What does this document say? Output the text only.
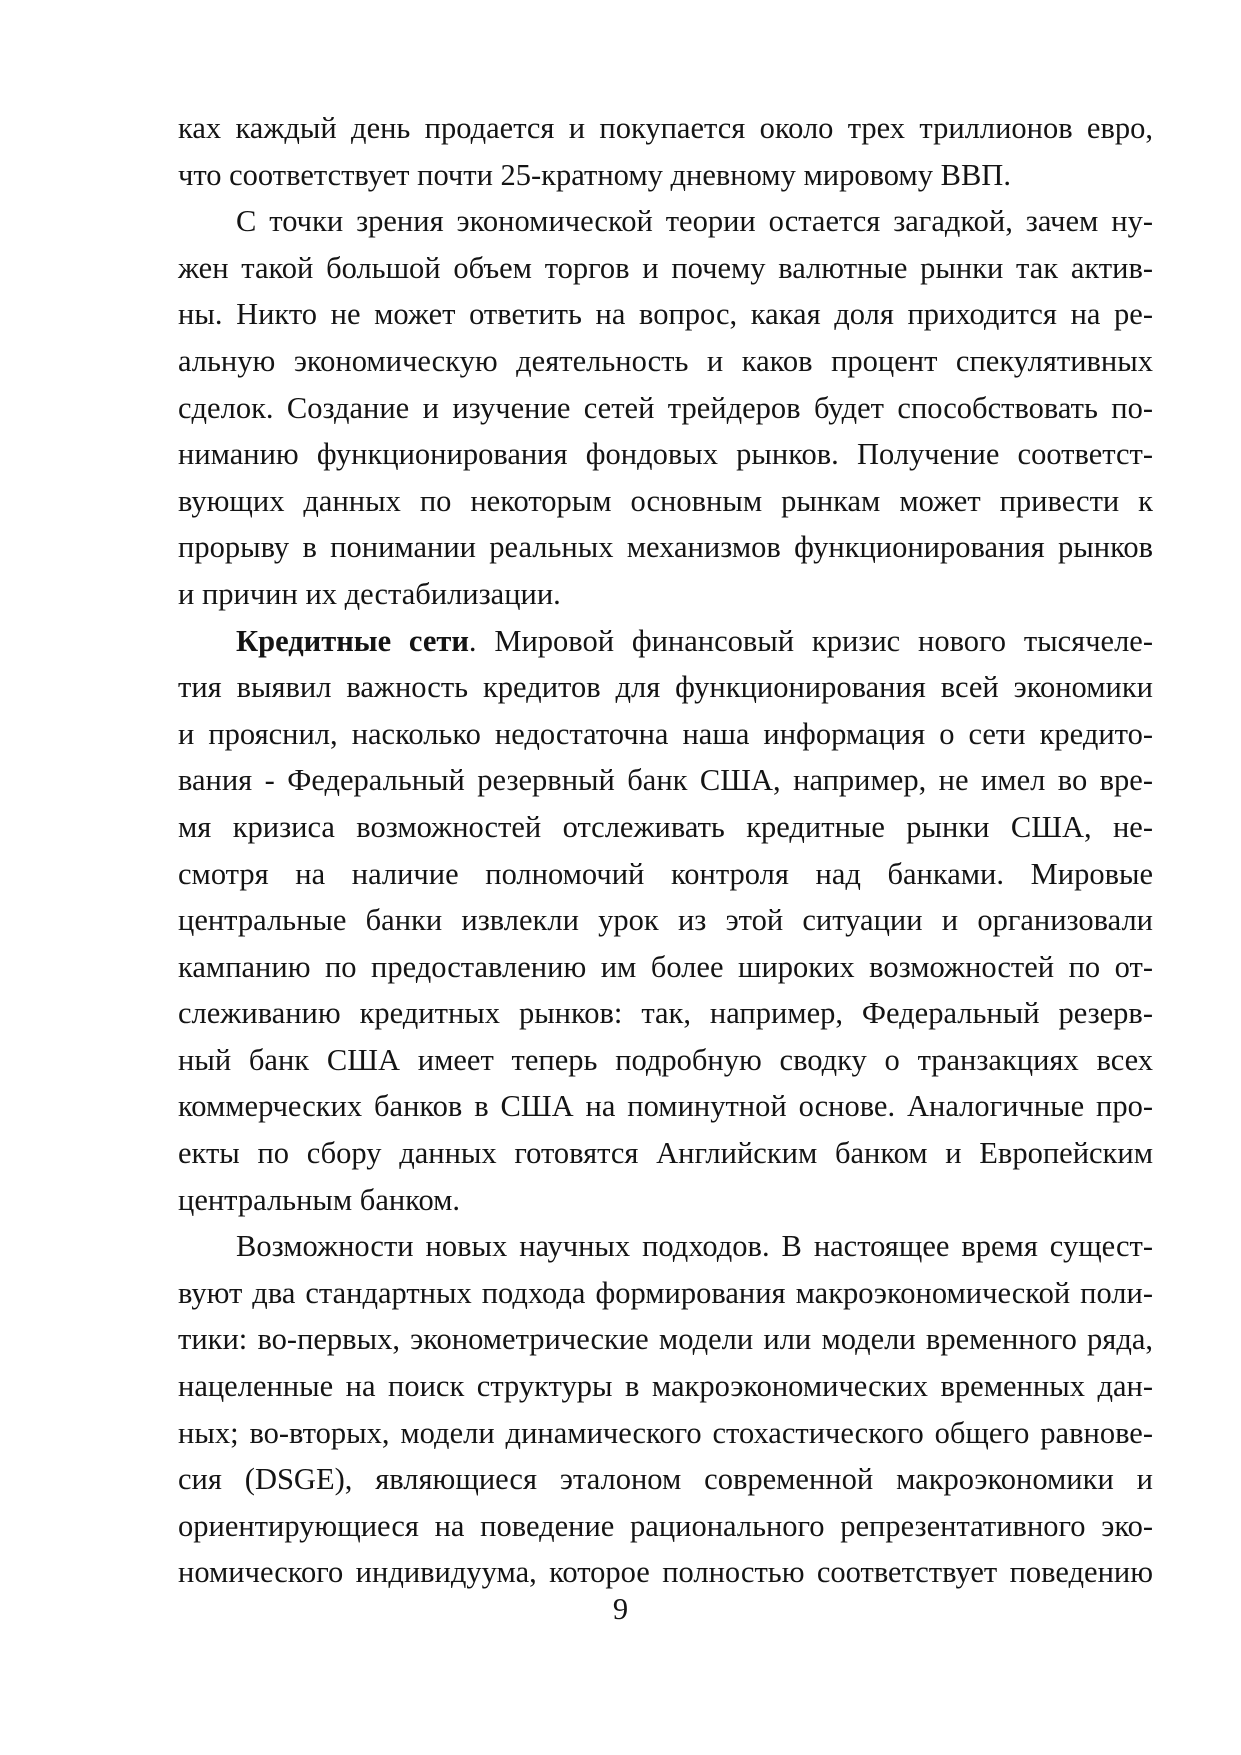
ках каждый день продается и покупается около трех триллионов евро,
что соответствует почти 25-кратному дневному мировому ВВП.
С точки зрения экономической теории остается загадкой, зачем ну-
жен такой большой объем торгов и почему валютные рынки так актив-
ны. Никто не может ответить на вопрос, какая доля приходится на ре-
альную экономическую деятельность и каков процент спекулятивных
сделок. Создание и изучение сетей трейдеров будет способствовать по-
ниманию функционирования фондовых рынков. Получение соответст-
вующих данных по некоторым основным рынкам может привести к
прорыву в понимании реальных механизмов функционирования рынков
и причин их дестабилизации.
Кредитные сети. Мировой финансовый кризис нового тысячеле-
тия выявил важность кредитов для функционирования всей экономики
и прояснил, насколько недостаточна наша информация о сети кредито-
вания - Федеральный резервный банк США, например, не имел во вре-
мя кризиса возможностей отслеживать кредитные рынки США, не-
смотря на наличие полномочий контроля над банками. Мировые
центральные банки извлекли урок из этой ситуации и организовали
кампанию по предоставлению им более широких возможностей по от-
слеживанию кредитных рынков: так, например, Федеральный резерв-
ный банк США имеет теперь подробную сводку о транзакциях всех
коммерческих банков в США на поминутной основе. Аналогичные про-
екты по сбору данных готовятся Английским банком и Европейским
центральным банком.
Возможности новых научных подходов. В настоящее время сущест-
вуют два стандартных подхода формирования макроэкономической поли-
тики: во-первых, эконометрические модели или модели временного ряда,
нацеленные на поиск структуры в макроэкономических временных дан-
ных; во-вторых, модели динамического стохастического общего равнове-
сия (DSGE), являющиеся эталоном современной макроэкономики и
ориентирующиеся на поведение рационального репрезентативного эко-
номического индивидуума, которое полностью соответствует поведению
9
